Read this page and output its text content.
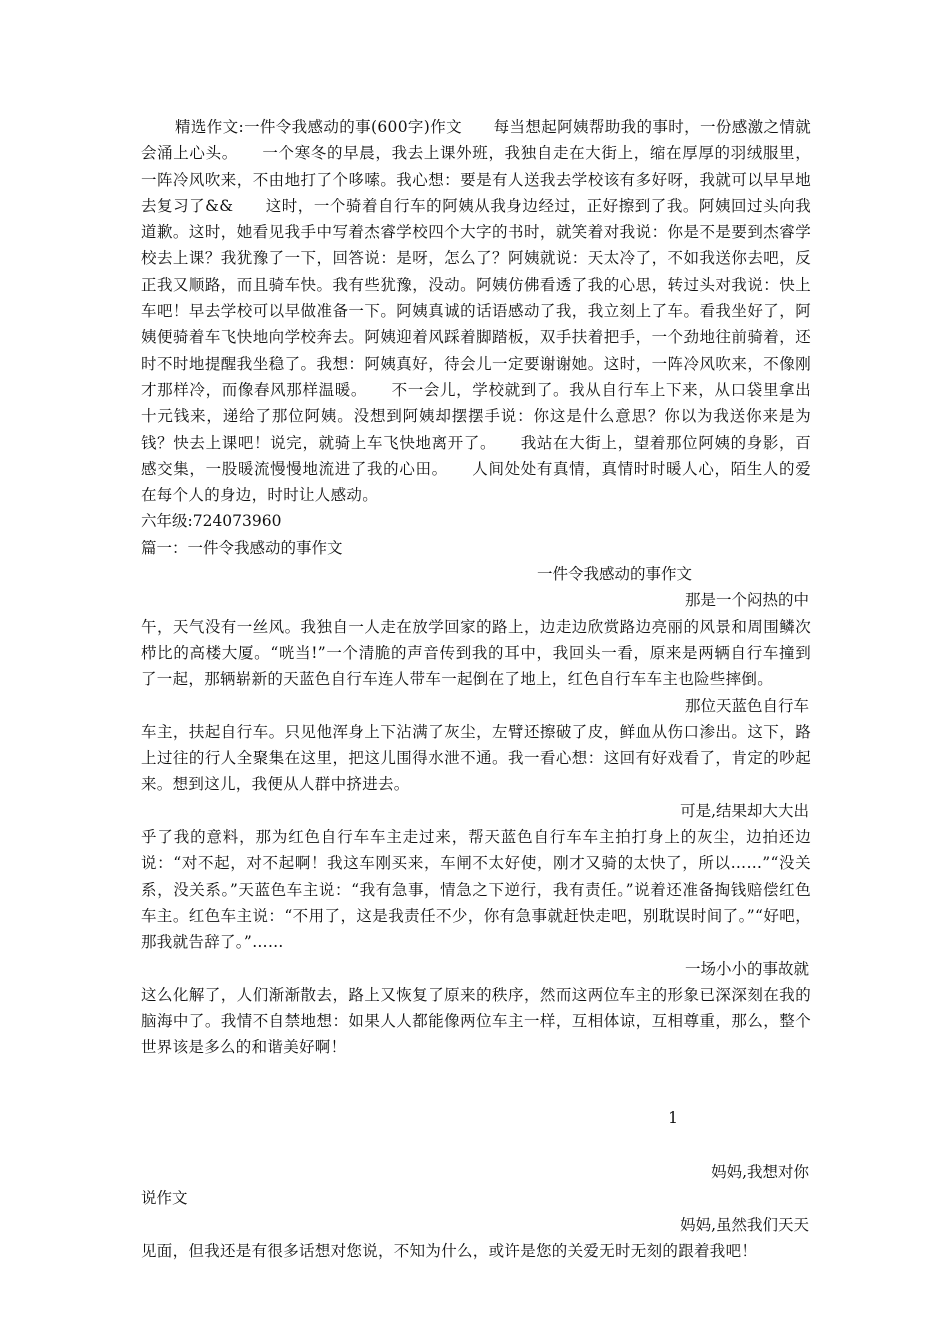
精选作文:一件令我感动的事(600字)作文　　每当想起阿姨帮助我的事时，一份感激之情就会涌上心头。　　一个寒冬的早晨，我去上课外班，我独自走在大街上，缩在厚厚的羽绒服里，一阵冷风吹来，不由地打了个哆嗦。我心想：要是有人送我去学校该有多好呀，我就可以早早地去复习了&&　　这时，一个骑着自行车的阿姨从我身边经过，正好擦到了我。阿姨回过头向我道歉。这时，她看见我手中写着杰睿学校四个大字的书时，就笑着对我说：你是不是要到杰睿学校去上课？我犹豫了一下，回答说：是呀，怎么了？阿姨就说：天太冷了，不如我送你去吧，反正我又顺路，而且骑车快。我有些犹豫，没动。阿姨仿佛看透了我的心思，转过头对我说：快上车吧！早去学校可以早做准备一下。阿姨真诚的话语感动了我，我立刻上了车。看我坐好了，阿姨便骑着车飞快地向学校奔去。阿姨迎着风踩着脚踏板，双手扶着把手，一个劲地往前骑着，还时不时地提醒我坐稳了。我想：阿姨真好，待会儿一定要谢谢她。这时，一阵冷风吹来，不像刚才那样冷，而像春风那样温暖。　　不一会儿，学校就到了。我从自行车上下来，从口袋里拿出十元钱来，递给了那位阿姨。没想到阿姨却摆摆手说：你这是什么意思？你以为我送你来是为钱？快去上课吧！说完，就骑上车飞快地离开了。　　我站在大街上，望着那位阿姨的身影，百感交集，一股暖流慢慢地流进了我的心田。　　人间处处有真情，真情时时暖人心，陌生人的爱在每个人的身边，时时让人感动。

六年级:724073960

篇一：一件令我感动的事作文

一件令我感动的事作文

那是一个闷热的中

午，天气没有一丝风。我独自一人走在放学回家的路上，边走边欣赏路边亮丽的风景和周围鳞次栉比的高楼大厦。“咣当!”一个清脆的声音传到我的耳中，我回头一看，原来是两辆自行车撞到了一起，那辆崭新的天蓝色自行车连人带车一起倒在了地上，红色自行车车主也险些摔倒。

那位天蓝色自行车

车主，扶起自行车。只见他浑身上下沾满了灰尘，左臂还擦破了皮，鲜血从伤口渗出。这下，路上过往的行人全聚集在这里，把这儿围得水泄不通。我一看心想：这回有好戏看了，肯定的吵起来。想到这儿，我便从人群中挤进去。

可是,结果却大大出

乎了我的意料，那为红色自行车车主走过来，帮天蓝色自行车车主拍打身上的灰尘，边拍还边说：“对不起，对不起啊！我这车刚买来，车闸不太好使，刚才又骑的太快了，所以……”“没关系，没关系。”天蓝色车主说：“我有急事，情急之下逆行，我有责任。”说着还准备掏钱赔偿红色车主。红色车主说：“不用了，这是我责任不少，你有急事就赶快走吧，别耽误时间了。”“好吧，那我就告辞了。”……

一场小小的事故就

这么化解了，人们渐渐散去，路上又恢复了原来的秩序，然而这两位车主的形象已深深刻在我的脑海中了。我情不自禁地想：如果人人都能像两位车主一样，互相体谅，互相尊重，那么，整个世界该是多么的和谐美好啊！

1

妈妈,我想对你

说作文

妈妈,虽然我们天天

见面，但我还是有很多话想对您说，不知为什么，或许是您的关爱无时无刻的跟着我吧！
